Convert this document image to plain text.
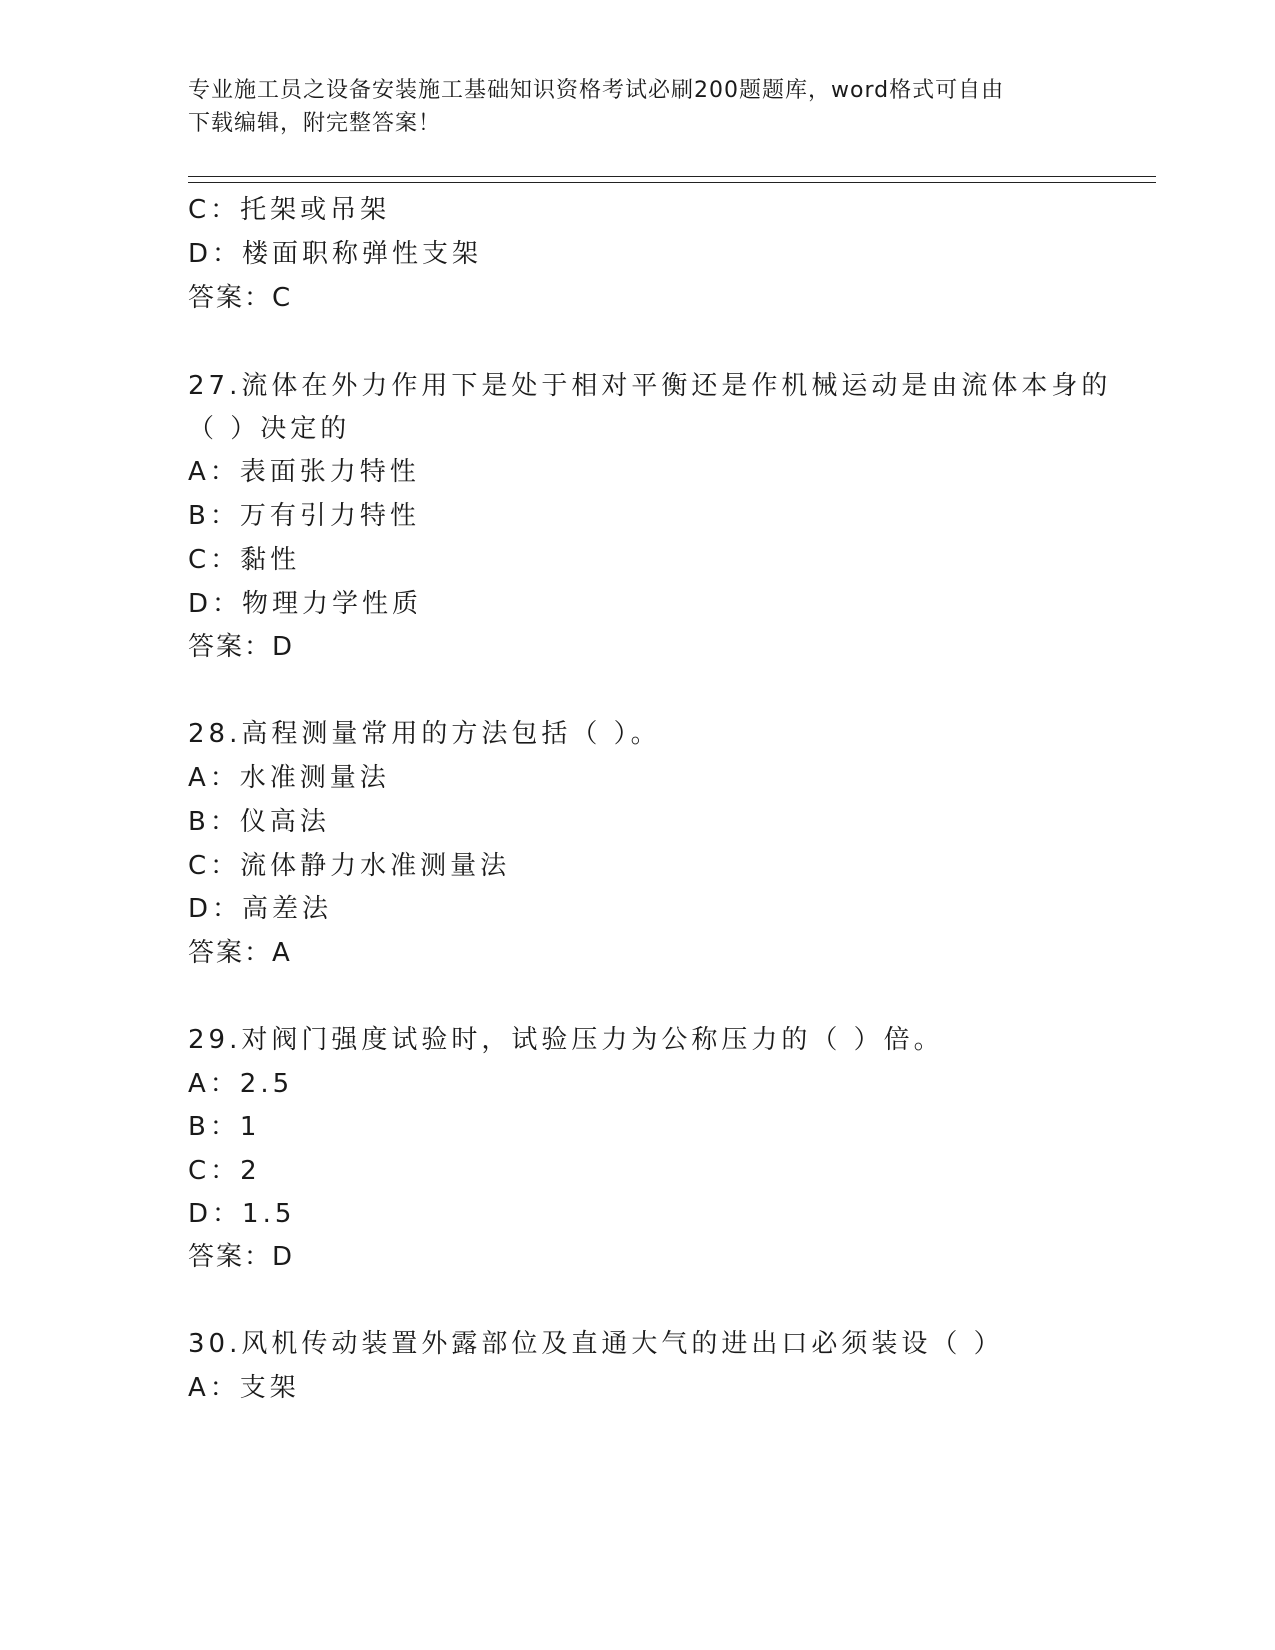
专业施工员之设备安装施工基础知识资格考试必刷200题题库，word格式可自由
下载编辑，附完整答案！
C：托架或吊架
D：楼面职称弹性支架
答案：C
27.流体在外力作用下是处于相对平衡还是作机械运动是由流体本身的
（ ）决定的
A：表面张力特性
B：万有引力特性
C：黏性
D：物理力学性质
答案：D
28.高程测量常用的方法包括（ ）。
A：水准测量法
B：仪高法
C：流体静力水准测量法
D：高差法
答案：A
29.对阀门强度试验时，试验压力为公称压力的（ ）倍。
A：2.5
B：1
C：2
D：1.5
答案：D
30.风机传动装置外露部位及直通大气的进出口必须装设（ ）
A：支架
